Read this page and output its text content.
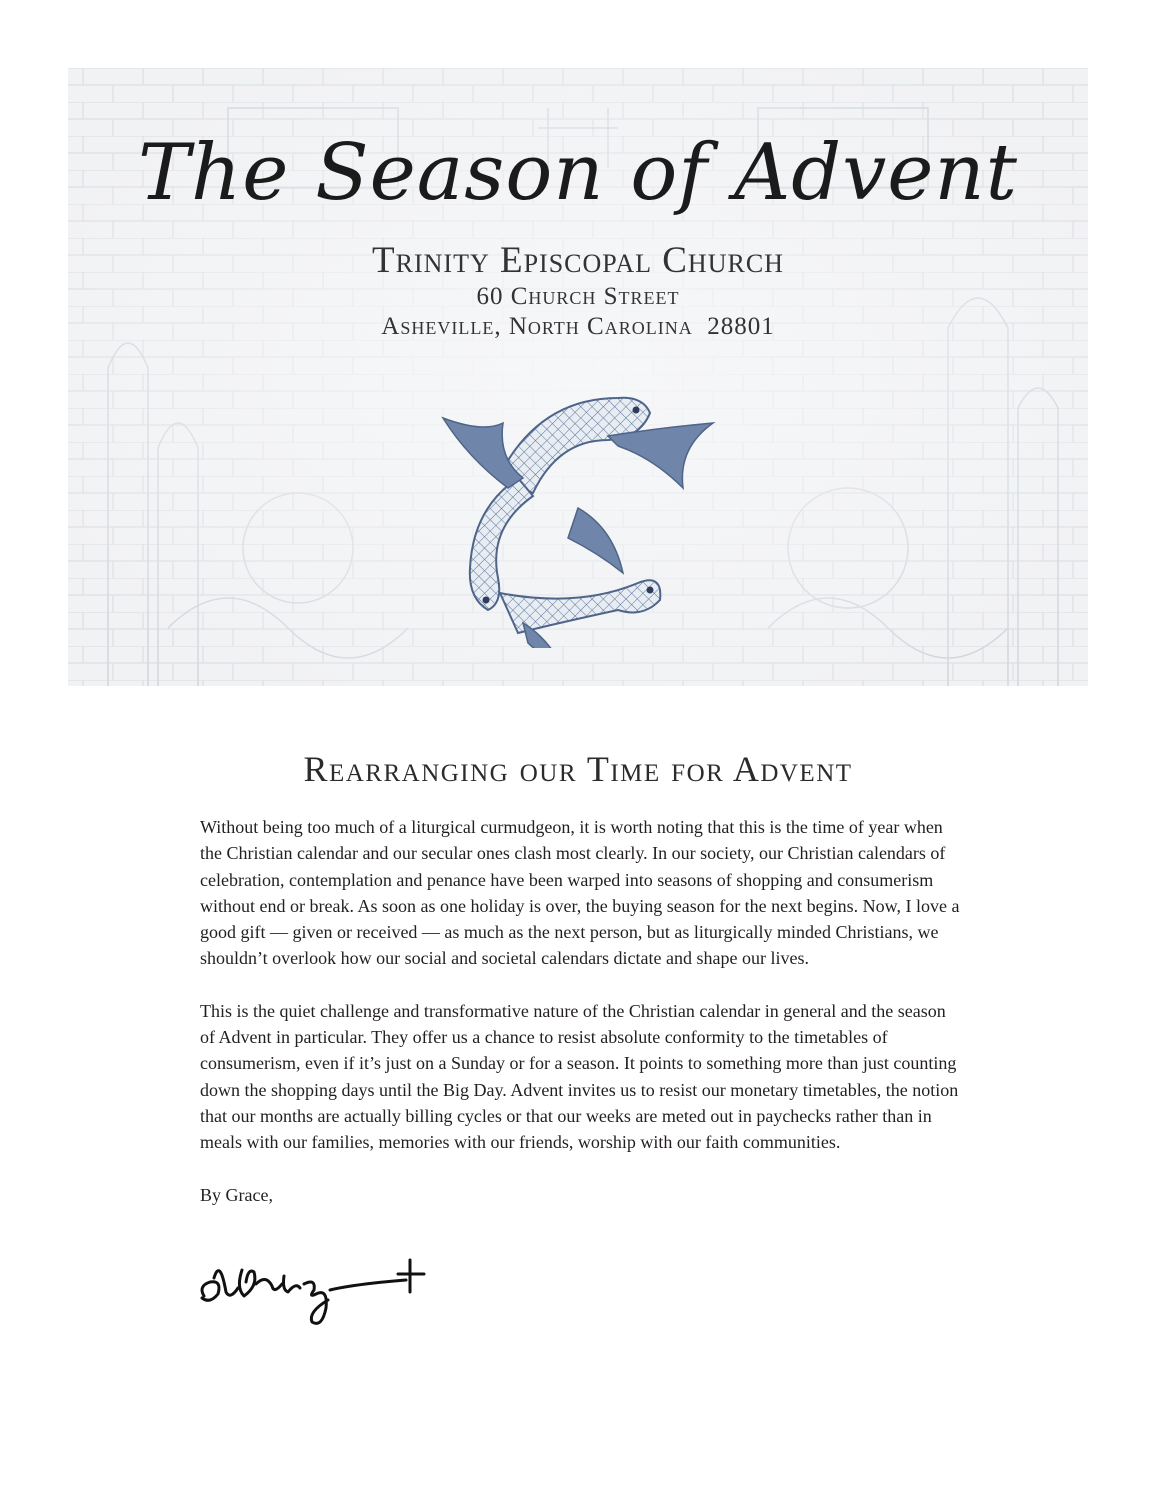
The Season of Advent
Trinity Episcopal Church
60 Church Street
Asheville, North Carolina  28801
Rearranging our Time for Advent

Without being too much of a liturgical curmudgeon, it is worth noting that this is the time of year when the Christian calendar and our secular ones clash most clearly. In our society, our Christian calendars of celebration, contemplation and penance have been warped into seasons of shopping and consumerism without end or break. As soon as one holiday is over, the buying season for the next begins. Now, I love a good gift — given or received — as much as the next person, but as liturgically minded Christians, we shouldn’t overlook how our social and societal calendars dictate and shape our lives.

This is the quiet challenge and transformative nature of the Christian calendar in general and the season of Advent in particular. They offer us a chance to resist absolute conformity to the timetables of consumerism, even if it’s just on a Sunday or for a season. It points to something more than just counting down the shopping days until the Big Day. Advent invites us to resist our monetary timetables, the notion that our months are actually billing cycles or that our weeks are meted out in paychecks rather than in meals with our families, memories with our friends, worship with our faith communities.

By Grace,
